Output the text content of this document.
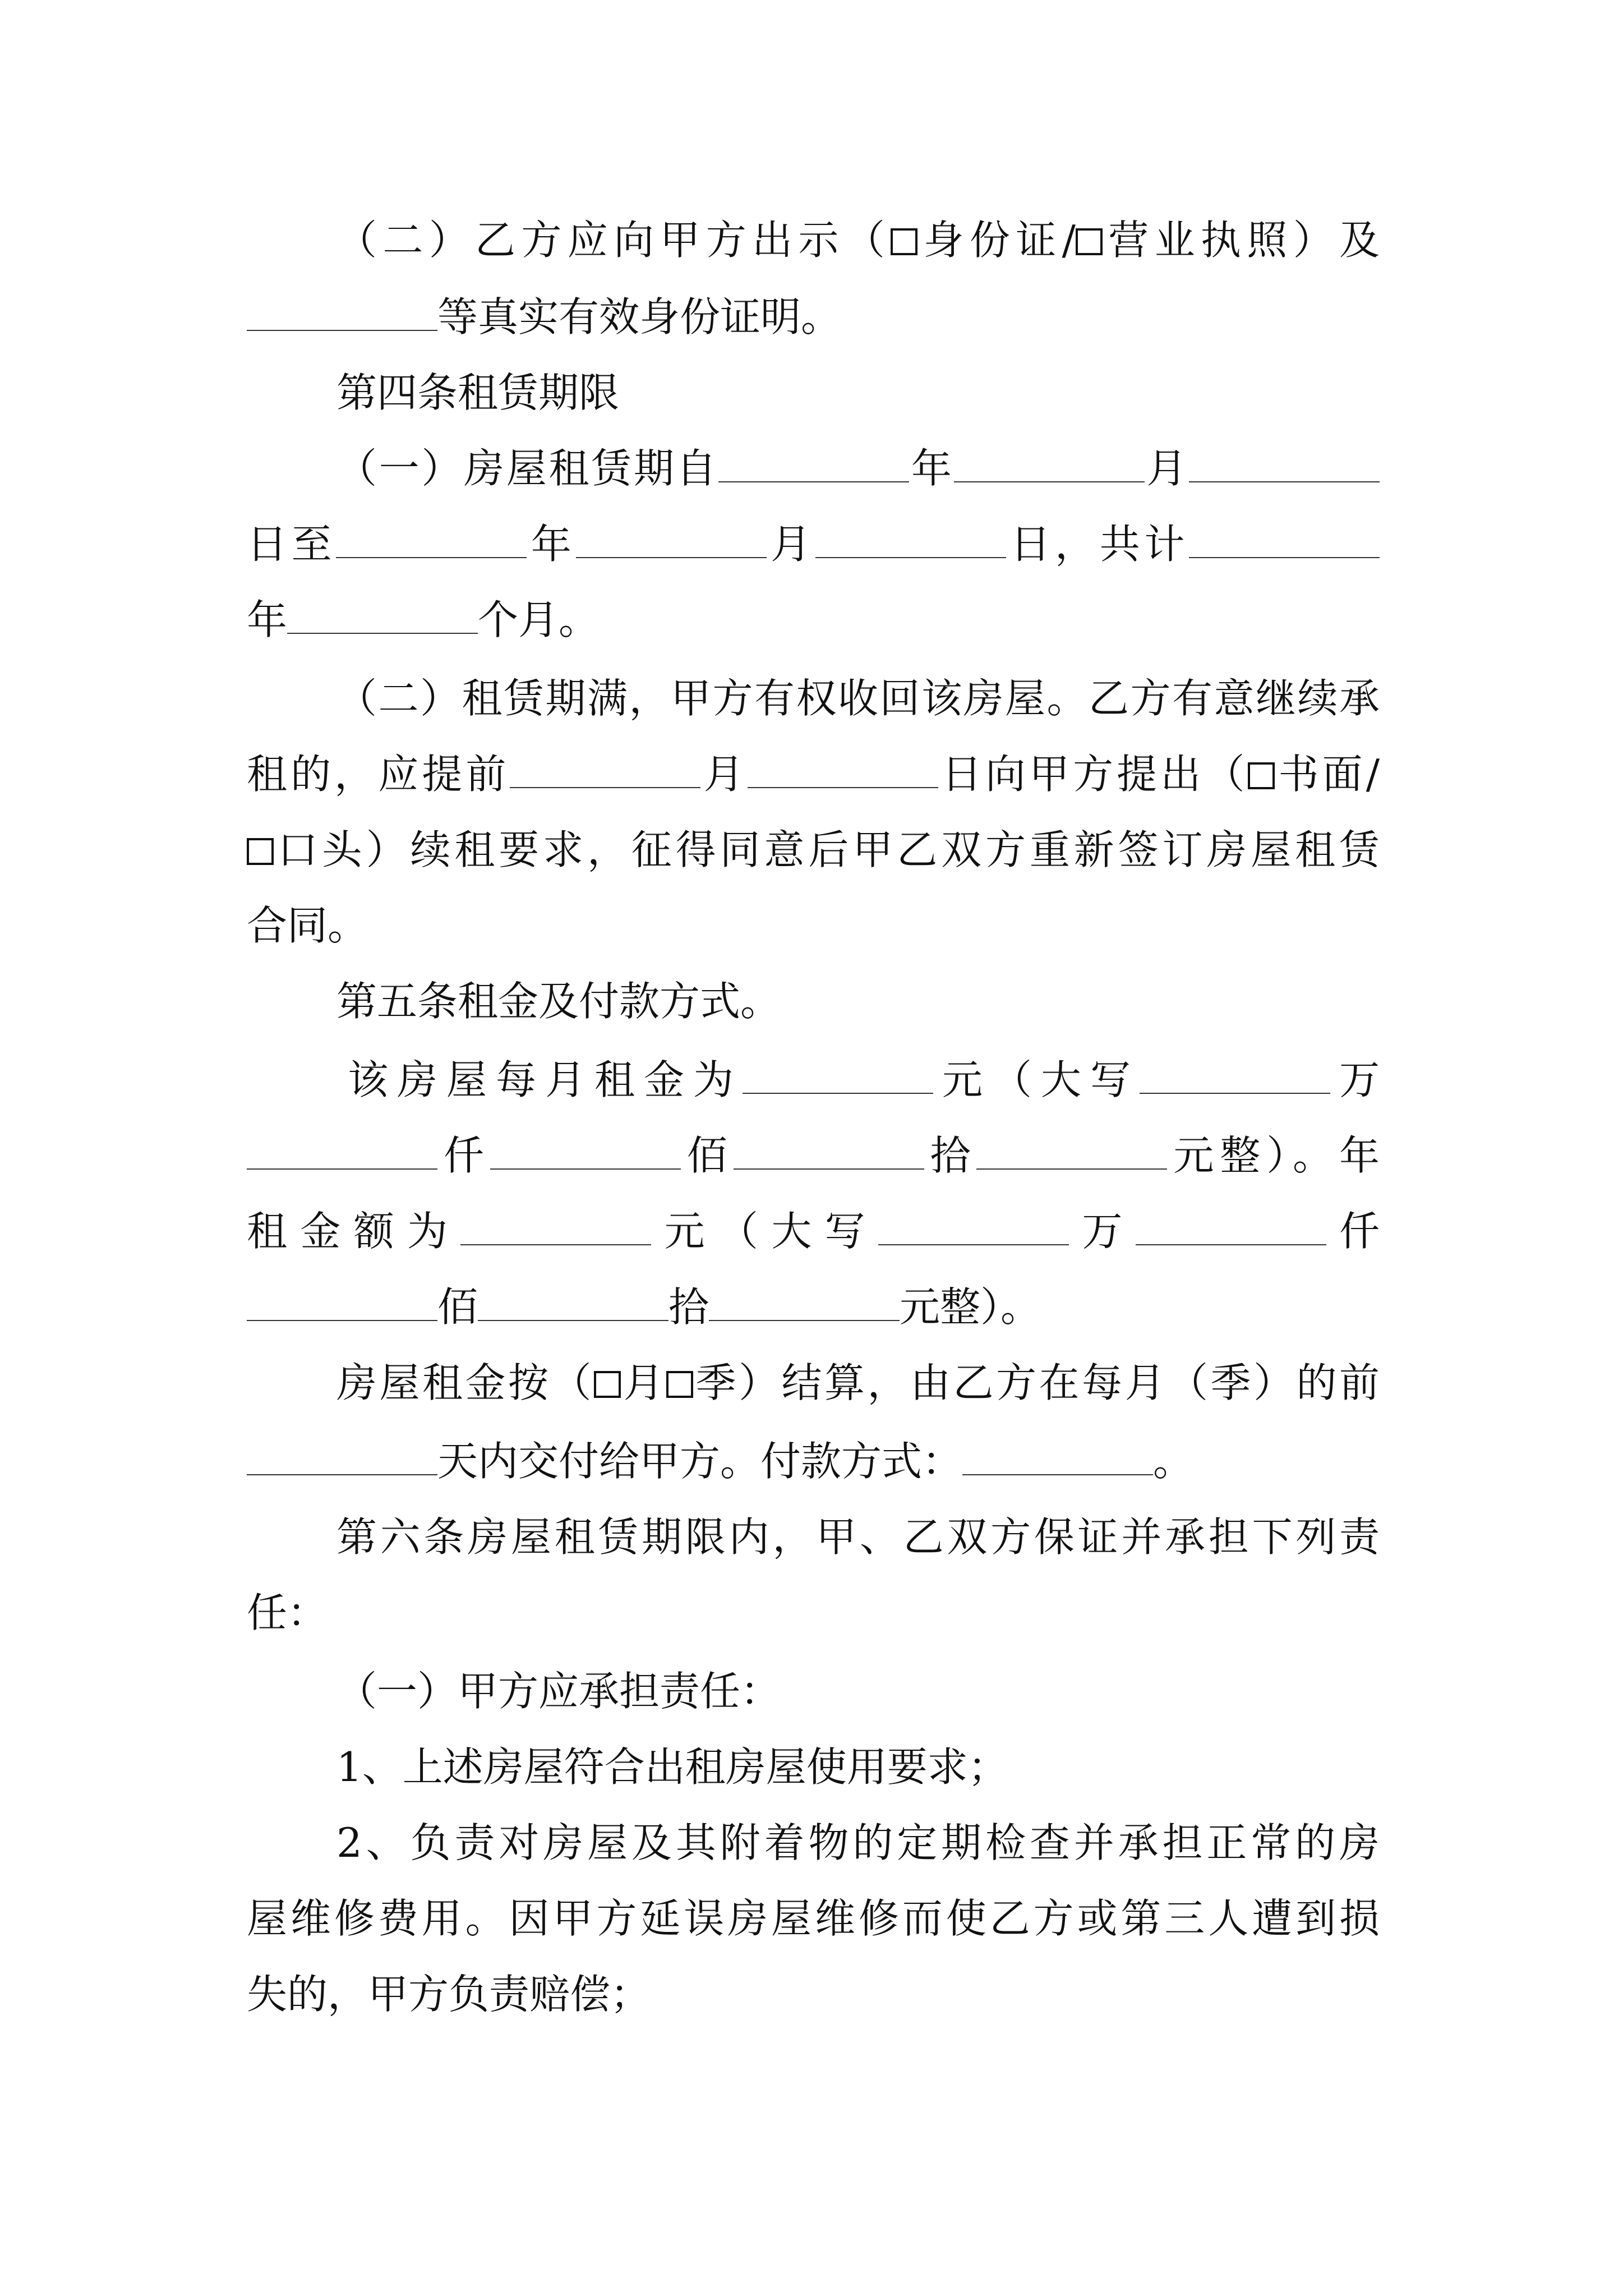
（二）乙方应向甲方出示（ 身份证/ 营业执照）及
等真实有效身份证明。
第四条租赁期限
（一）房屋租赁期自	年	月
日至	年	月	日，共计
年	个月。
（二）租赁期满，甲方有权收回该房屋。乙方有意继续承
租的，应提前	月	日向甲方提出（ 书面/
口头）续租要求，征得同意后甲乙双方重新签订房屋租赁
合同。
第五条租金及付款方式。
该房屋每月租金为	元（大写	万
仟	佰	拾	元整）。年
租金额为	元（大写	万	仟
佰	拾	元整）。
房屋租金按（ 月 季）结算，由乙方在每月（季）的前
天内交付给甲方。付款方式：	。
第六条房屋租赁期限内，甲、乙双方保证并承担下列责
任：
（一）甲方应承担责任：
1、上述房屋符合出租房屋使用要求；
2、负责对房屋及其附着物的定期检查并承担正常的房
屋维修费用。因甲方延误房屋维修而使乙方或第三人遭到损
失的，甲方负责赔偿；
